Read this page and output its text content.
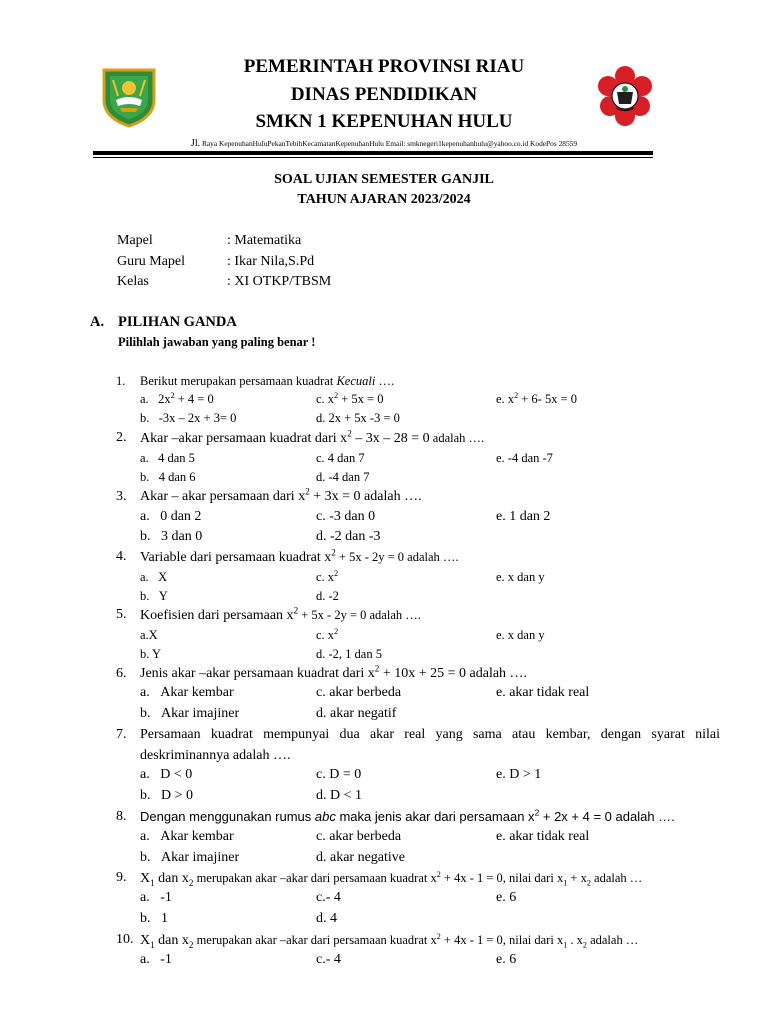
PEMERINTAH PROVINSI RIAU
DINAS PENDIDIKAN
SMKN 1 KEPENUHAN HULU
Jl. Raya KepenuhanHuluPekanTebihKecamatanKepenuhanHulu Email: smknegeri1kepenuhanhulu@yahoo.co.id KodePos 28559
SOAL UJIAN SEMESTER GANJIL
TAHUN AJARAN 2023/2024
Mapel	: Matematika
Guru Mapel	: Ikar Nila,S.Pd
Kelas	: XI OTKP/TBSM
A. PILIHAN GANDA
Pilihlah jawaban yang paling benar !
1. Berikut merupakan persamaan kuadrat Kecuali ….
a. $2x^2 + 4 = 0$	c. $x^2 + 5x = 0$	e. $x^2 + 6-$ 5x = 0
b. -3x – 2x + 3= 0	d. 2x + 5x -3 = 0
2. Akar –akar persamaan kuadrat dari $x^2 - 3x - 28 = 0$ adalah ….
a. 4 dan 5	c. 4 dan 7	e. -4 dan -7
b. 4 dan 6	d. -4 dan 7
3. Akar – akar persamaan dari $x^2 + 3x = 0$ adalah ….
a. 0 dan 2	c. -3 dan 0	e. 1 dan 2
b. 3 dan 0	d. -2 dan -3
4. Variable dari persamaan kuadrat $x^2 + 5x - 2y = 0$ adalah ….
a. X	c. $x^2$	e. x dan y
b. Y	d. -2
5. Koefisien dari persamaan $x^2 + 5x - 2y = 0$ adalah ….
a.X	c. $x^2$	e. x dan y
b. Y	d. -2, 1 dan 5
6. Jenis akar –akar persamaan kuadrat dari $x^2 + 10x + 25 = 0$ adalah ….
a. Akar kembar	c. akar berbeda	e. akar tidak real
b. Akar imajiner	d. akar negatif
7. Persamaan kuadrat mempunyai dua akar real yang sama atau kembar, dengan syarat nilai
deskriminannya adalah ….
a. D < 0	c. D = 0	e. D > 1
b. D > 0	d. D < 1
8. Dengan menggunakan rumus abc maka jenis akar dari persamaan $x^2 + 2x + 4 = 0$ adalah ….
a. Akar kembar	c. akar berbeda	e. akar tidak real
b. Akar imajiner	d. akar negative
9. $X_1$ dan $x_2$ merupakan akar –akar dari persamaan kuadrat $x^2 + 4x - 1 = 0$, nilai dari $x_1 + x_2$ adalah …
a. -1	c.- 4	e. 6
b. 1	d. 4
10. $X_1$ dan $x_2$ merupakan akar –akar dari persamaan kuadrat $x^2 + 4x - 1 = 0$, nilai dari $x_1$ . $x_2$ adalah …
a. -1	c.- 4	e. 6
